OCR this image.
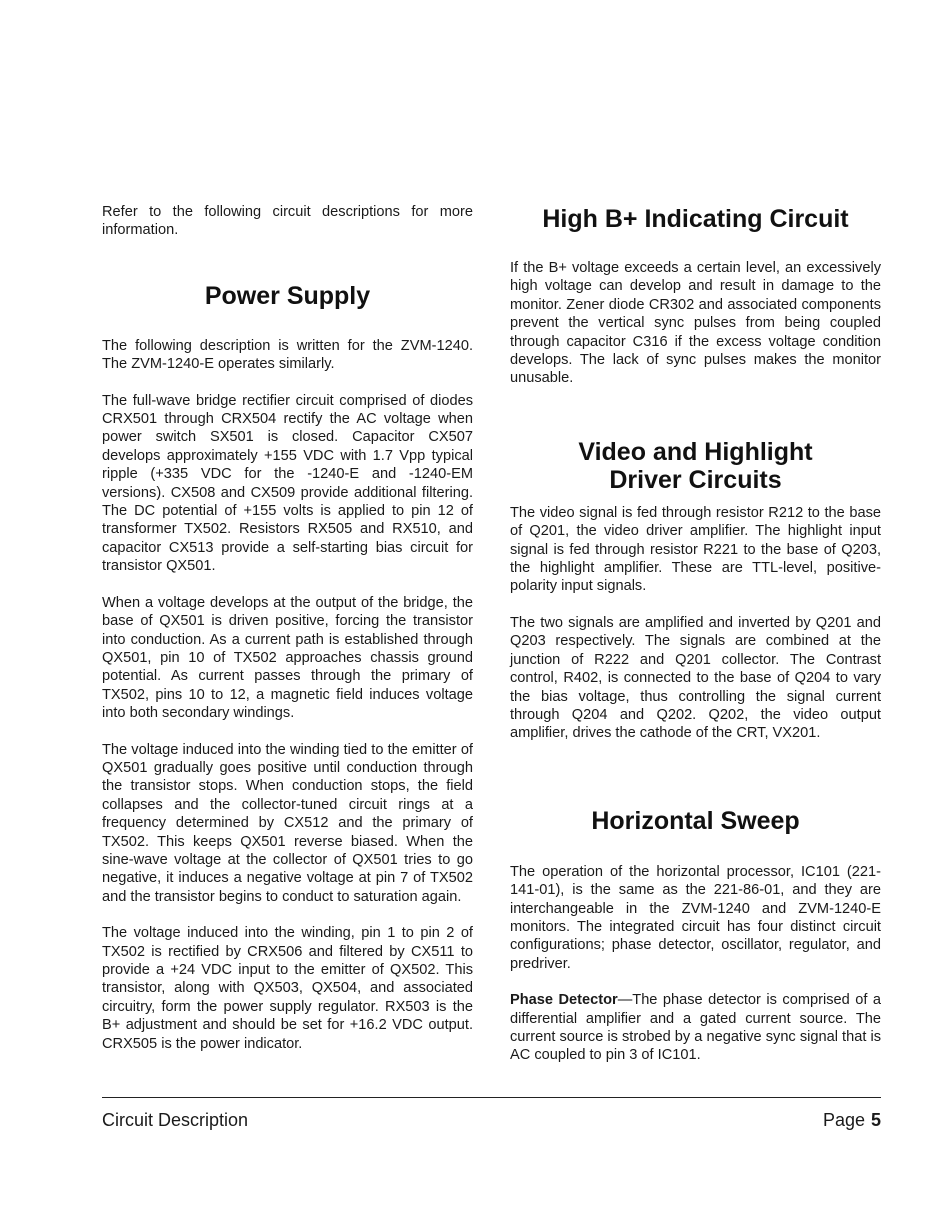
Refer to the following circuit descriptions for more information.

Power Supply

The following description is written for the ZVM-1240. The ZVM-1240-E operates similarly.

The full-wave bridge rectifier circuit comprised of diodes CRX501 through CRX504 rectify the AC voltage when power switch SX501 is closed. Capacitor CX507 develops approximately +155 VDC with 1.7 Vpp typical ripple (+335 VDC for the -1240-E and -1240-EM versions). CX508 and CX509 provide additional filtering. The DC potential of +155 volts is applied to pin 12 of transformer TX502. Resistors RX505 and RX510, and capacitor CX513 provide a self-starting bias circuit for transistor QX501.

When a voltage develops at the output of the bridge, the base of QX501 is driven positive, forcing the transistor into conduction. As a current path is established through QX501, pin 10 of TX502 approaches chassis ground potential. As current passes through the primary of TX502, pins 10 to 12, a magnetic field induces voltage into both secondary windings.

The voltage induced into the winding tied to the emitter of QX501 gradually goes positive until conduction through the transistor stops. When conduction stops, the field collapses and the collector-tuned circuit rings at a frequency determined by CX512 and the primary of TX502. This keeps QX501 reverse biased. When the sine-wave voltage at the collector of QX501 tries to go negative, it induces a negative voltage at pin 7 of TX502 and the transistor begins to conduct to saturation again.

The voltage induced into the winding, pin 1 to pin 2 of TX502 is rectified by CRX506 and filtered by CX511 to provide a +24 VDC input to the emitter of QX502. This transistor, along with QX503, QX504, and associated circuitry, form the power supply regulator. RX503 is the B+ adjustment and should be set for +16.2 VDC output. CRX505 is the power indicator.

High B+ Indicating Circuit

If the B+ voltage exceeds a certain level, an excessively high voltage can develop and result in damage to the monitor. Zener diode CR302 and associated components prevent the vertical sync pulses from being coupled through capacitor C316 if the excess voltage condition develops. The lack of sync pulses makes the monitor unusable.

Video and Highlight
Driver Circuits

The video signal is fed through resistor R212 to the base of Q201, the video driver amplifier. The highlight input signal is fed through resistor R221 to the base of Q203, the highlight amplifier. These are TTL-level, positive-polarity input signals.

The two signals are amplified and inverted by Q201 and Q203 respectively. The signals are combined at the junction of R222 and Q201 collector. The Contrast control, R402, is connected to the base of Q204 to vary the bias voltage, thus controlling the signal current through Q204 and Q202. Q202, the video output amplifier, drives the cathode of the CRT, VX201.

Horizontal Sweep

The operation of the horizontal processor, IC101 (221-141-01), is the same as the 221-86-01, and they are interchangeable in the ZVM-1240 and ZVM-1240-E monitors. The integrated circuit has four distinct circuit configurations; phase detector, oscillator, regulator, and predriver.

Phase Detector—The phase detector is comprised of a differential amplifier and a gated current source. The current source is strobed by a negative sync signal that is AC coupled to pin 3 of IC101.

Circuit Description	Page 5
